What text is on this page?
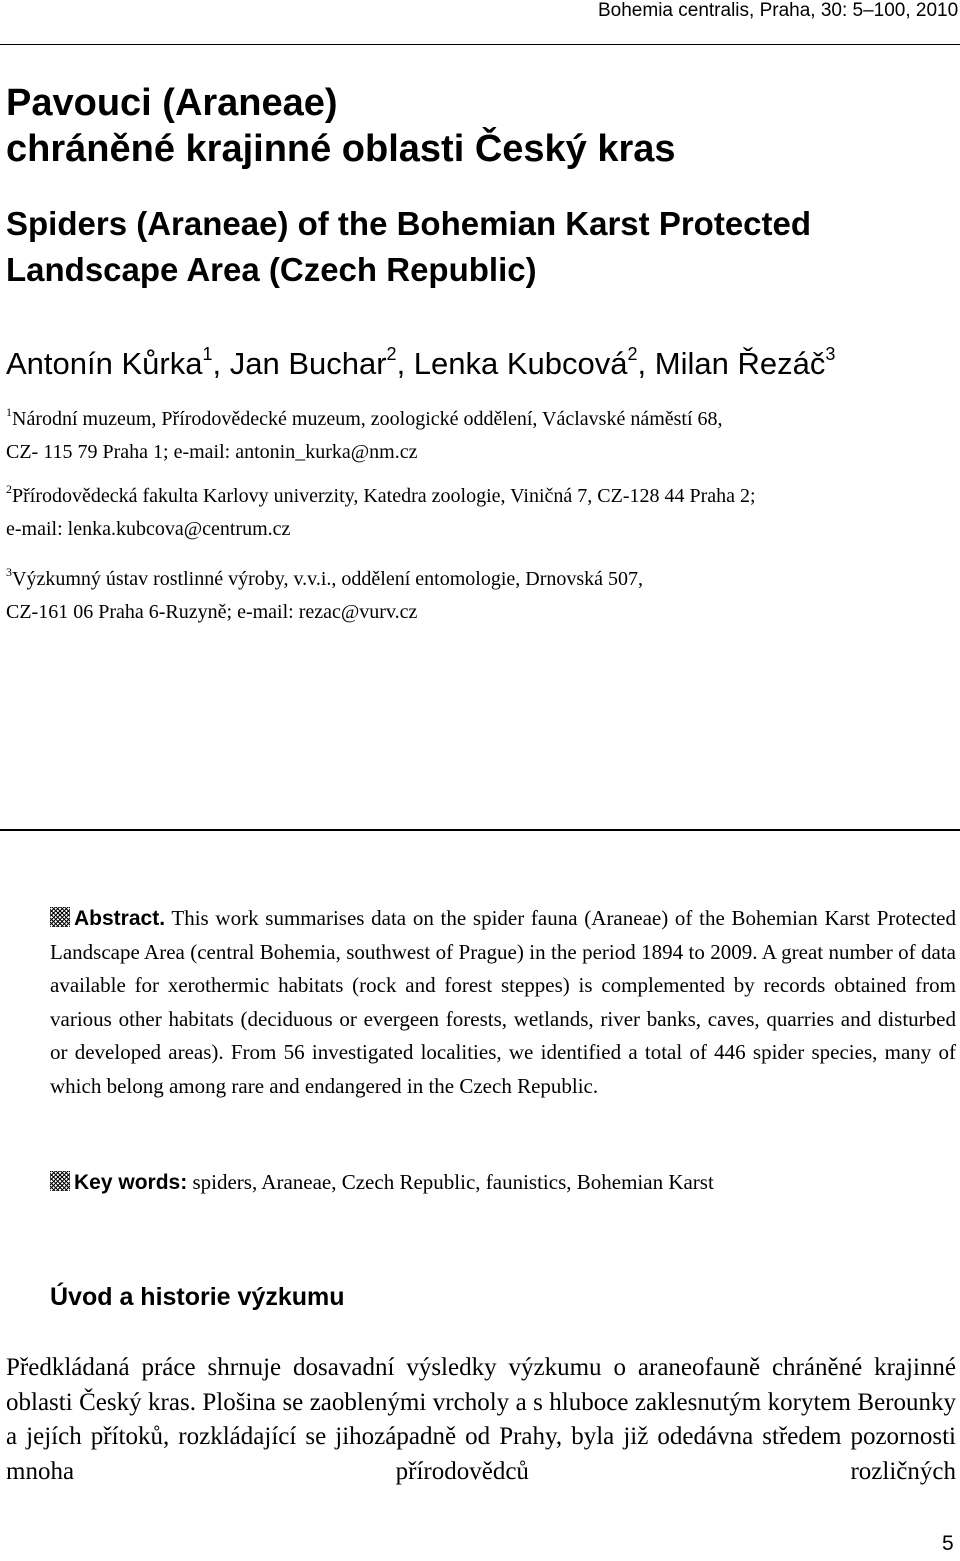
Bohemia centralis, Praha, 30: 5–100, 2010
Pavouci (Araneae)
chráněné krajinné oblasti Český kras
Spiders (Araneae) of the Bohemian Karst Protected Landscape Area (Czech Republic)
Antonín Kůrka$^1$, Jan Buchar$^2$, Lenka Kubcová$^2$, Milan Řezáč$^3$
$^1$Národní muzeum, Přírodovědecké muzeum, zoologické oddělení, Václavské náměstí 68,
CZ- 115 79 Praha 1; e-mail: antonin_kurka@nm.cz
$^2$Přírodovědecká fakulta Karlovy univerzity, Katedra zoologie, Viničná 7, CZ-128 44 Praha 2;
e-mail: lenka.kubcova@centrum.cz
$^3$Výzkumný ústav rostlinné výroby, v.v.i., oddělení entomologie, Drnovská 507,
CZ-161 06 Praha 6-Ruzyně; e-mail: rezac@vurv.cz
Abstract. This work summarises data on the spider fauna (Araneae) of the Bohemian Karst Protected Landscape Area (central Bohemia, southwest of Prague) in the period 1894 to 2009. A great number of data available for xerothermic habitats (rock and forest steppes) is complemented by records obtained from various other habitats (deciduous or evergeen forests, wetlands, river banks, caves, quarries and disturbed or developed areas). From 56 investigated localities, we identified a total of 446 spider species, many of which belong among rare and endangered in the Czech Republic.
Key words: spiders, Araneae, Czech Republic, faunistics, Bohemian Karst
Úvod a historie výzkumu
Předkládaná práce shrnuje dosavadní výsledky výzkumu o araneofauně chráněné krajinné oblasti Český kras. Plošina se zaoblenými vrcholy a s hluboce zaklesnutým korytem Berounky a jejích přítoků, rozkládající se jihozápadně od Prahy, byla již odedávna středem pozornosti mnoha přírodovědců rozličných
5
